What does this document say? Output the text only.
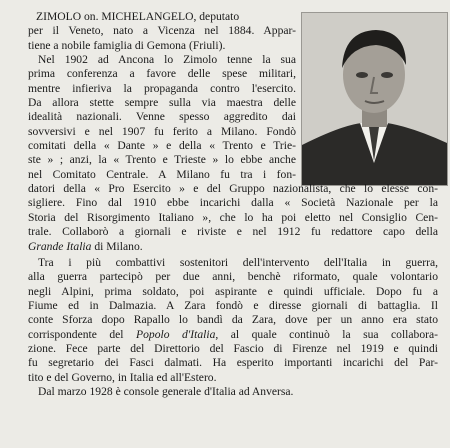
ZIMOLO on. MICHELANGELO, deputato
per il Veneto, nato a Vicenza nel 1884. Appar-
tiene a nobile famiglia di Gemona (Friuli).
Nel 1902 ad Ancona lo Zimolo tenne la sua
prima conferenza a favore delle spese militari,
mentre infieriva la propaganda contro l'esercito.
Da allora stette sempre sulla via maestra delle
idealità nazionali. Venne spesso aggredito dai
sovversivi e nel 1907 fu ferito a Milano. Fondò
comitati della « Dante » e della « Trento e Trie-
ste » ; anzi, la « Trento e Trieste » lo ebbe anche
nel Comitato Centrale. A Milano fu tra i fon-
datori della « Pro Esercito » e del Gruppo nazionalista, che lo elesse con-
sigliere. Fino dal 1910 ebbe incarichi dalla « Società Nazionale per la
Storia del Risorgimento Italiano », che lo ha poi eletto nel Consiglio Cen-
trale. Collaborò a giornali e riviste e nel 1912 fu redattore capo della
Grande Italia di Milano.
Tra i più combattivi sostenitori dell'intervento dell'Italia in guerra,
alla guerra partecipò per due anni, benchè riformato, quale volontario
negli Alpini, prima soldato, poi aspirante e quindi ufficiale. Dopo fu a
Fiume ed in Dalmazia. A Zara fondò e diresse giornali di battaglia. Il
conte Sforza dopo Rapallo lo bandì da Zara, dove per un anno era stato
corrispondente del Popolo d'Italia, al quale continuò la sua collabora-
zione. Fece parte del Direttorio del Fascio di Firenze nel 1919 e quindi
fu segretario dei Fasci dalmati. Ha esperito importanti incarichi del Par-
tito e del Governo, in Italia ed all'Estero.
Dal marzo 1928 è console generale d'Italia ad Anversa.
